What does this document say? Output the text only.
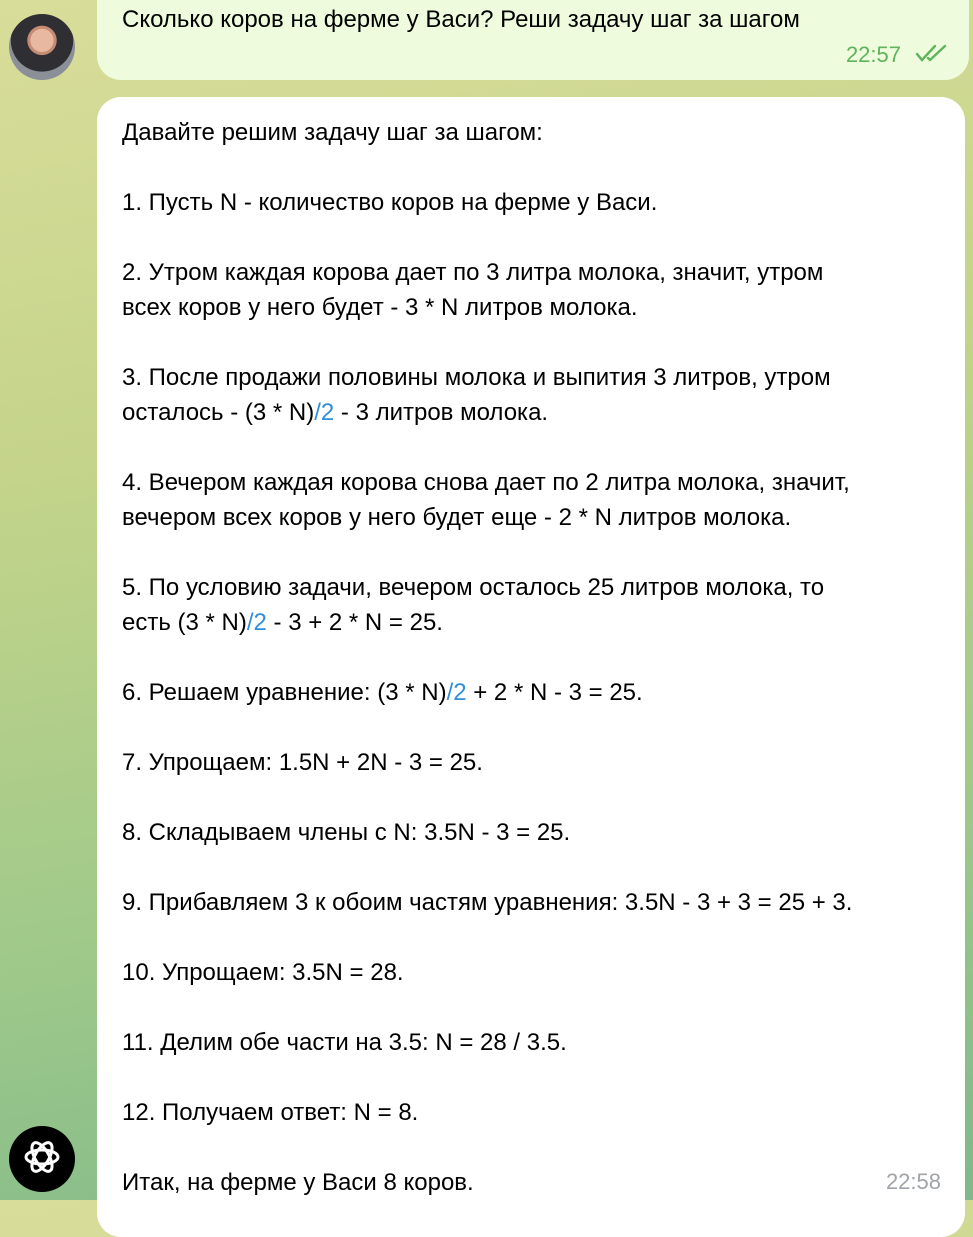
Сколько коров на ферме у Васи? Реши задачу шаг за шагом
22:57
Давайте решим задачу шаг за шагом:
1. Пусть N - количество коров на ферме у Васи.
2. Утром каждая корова дает по 3 литра молока, значит, утром
всех коров у него будет - 3 * N литров молока.
3. После продажи половины молока и выпития 3 литров, утром
осталось - (3 * N)/2 - 3 литров молока.
4. Вечером каждая корова снова дает по 2 литра молока, значит,
вечером всех коров у него будет еще - 2 * N литров молока.
5. По условию задачи, вечером осталось 25 литров молока, то
есть (3 * N)/2 - 3 + 2 * N = 25.
6. Решаем уравнение: (3 * N)/2 + 2 * N - 3 = 25.
7. Упрощаем: 1.5N + 2N - 3 = 25.
8. Складываем члены с N: 3.5N - 3 = 25.
9. Прибавляем 3 к обоим частям уравнения: 3.5N - 3 + 3 = 25 + 3.
10. Упрощаем: 3.5N = 28.
11. Делим обе части на 3.5: N = 28 / 3.5.
12. Получаем ответ: N = 8.
Итак, на ферме у Васи 8 коров.	22:58
